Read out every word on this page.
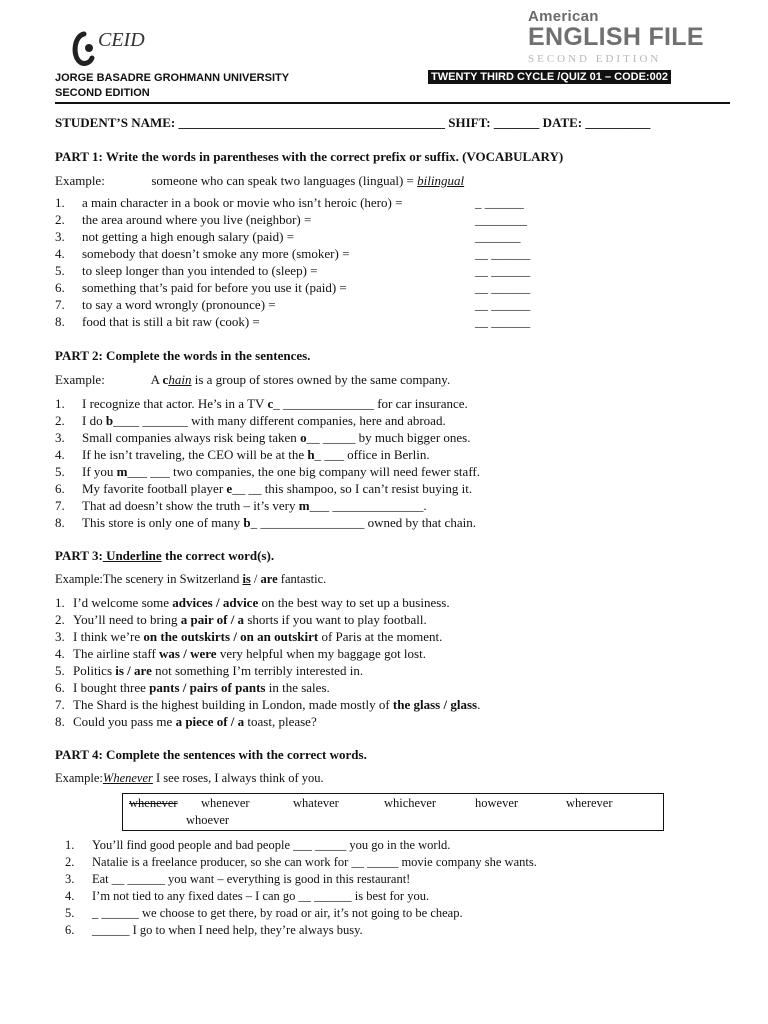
CEID
American
ENGLISH FILE
SECOND EDITION
JORGE BASADRE GROHMANN UNIVERSITY
SECOND EDITION
TWENTY THIRD CYCLE /QUIZ 01 – CODE:002
STUDENT’S NAME: _________________________________________ SHIFT: _______ DATE: __________
PART 1: Write the words in parentheses with the correct prefix or suffix. (VOCABULARY)
Example:	someone who can speak two languages (lingual) = bilingual
1. a main character in a book or movie who isn’t heroic (hero) =	_ ______
2. the area around where you live (neighbor) =	________
3. not getting a high enough salary (paid) =	_______
4. somebody that doesn’t smoke any more (smoker) =	__ ______
5. to sleep longer than you intended to (sleep) =	__ ______
6. something that’s paid for before you use it (paid) =	__ ______
7. to say a word wrongly (pronounce) =	__ ______
8. food that is still a bit raw (cook) =	__ ______
PART 2: Complete the words in the sentences.
Example:	A chain is a group of stores owned by the same company.
1. I recognize that actor. He’s in a TV c_ ______________ for car insurance.
2. I do b____ _______ with many different companies, here and abroad.
3. Small companies always risk being taken o__ _____ by much bigger ones.
4. If he isn’t traveling, the CEO will be at the h_ ___ office in Berlin.
5. If you m___ ___ two companies, the one big company will need fewer staff.
6. My favorite football player e__ __ this shampoo, so I can’t resist buying it.
7. That ad doesn’t show the truth – it’s very m___ ______________.
8. This store is only one of many b_ ________________ owned by that chain.
PART 3: Underline the correct word(s).
Example:The scenery in Switzerland is / are fantastic.
1. I’d welcome some advices / advice on the best way to set up a business.
2. You’ll need to bring a pair of / a shorts if you want to play football.
3. I think we’re on the outskirts / on an outskirt of Paris at the moment.
4. The airline staff was / were very helpful when my baggage got lost.
5. Politics is / are not something I’m terribly interested in.
6. I bought three pants / pairs of pants in the sales.
7. The Shard is the highest building in London, made mostly of the glass / glass.
8. Could you pass me a piece of / a toast, please?
PART 4: Complete the sentences with the correct words.
Example:Whenever I see roses, I always think of you.
whenever whenever	whatever	whichever	however	wherever
whoever
1. You’ll find good people and bad people ___ _____ you go in the world.
2. Natalie is a freelance producer, so she can work for __ _____ movie company she wants.
3. Eat __ ______ you want – everything is good in this restaurant!
4. I’m not tied to any fixed dates – I can go __ ______ is best for you.
5. _ ______ we choose to get there, by road or air, it’s not going to be cheap.
6. ______ I go to when I need help, they’re always busy.
